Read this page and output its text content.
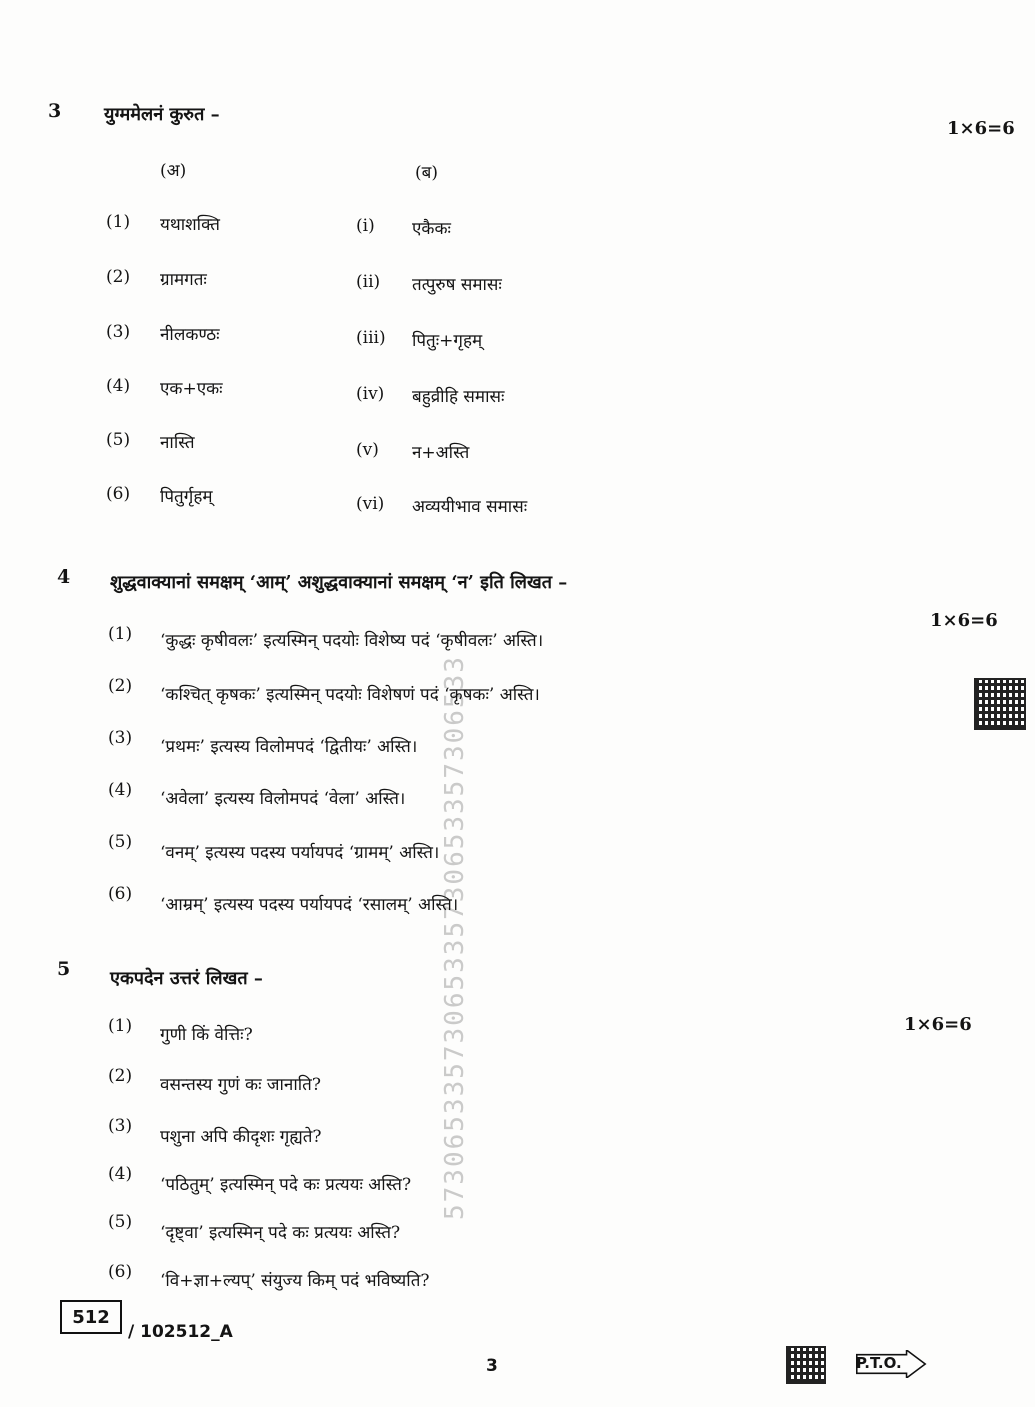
57306533573065335730653357306533
3 युग्ममेलनं कुरुत –
1×6=6
(अ)	(ब)
(1) यथाशक्ति	(i) एकैकः
(2) ग्रामगतः	(ii) तत्पुरुष समासः
(3) नीलकण्ठः	(iii) पितुः+गृहम्
(4) एक+एकः	(iv) बहुव्रीहि समासः
(5) नास्ति	(v) न+अस्ति
(6) पितुर्गृहम्	(vi) अव्ययीभाव समासः
4 शुद्धवाक्यानां समक्षम् ‘आम्’ अशुद्धवाक्यानां समक्षम् ‘न’ इति लिखत –
1×6=6
(1) ‘कुद्धः कृषीवलः’ इत्यस्मिन् पदयोः विशेष्य पदं ‘कृषीवलः’ अस्ति।
(2) ‘कश्चित् कृषकः’ इत्यस्मिन् पदयोः विशेषणं पदं ‘कृषकः’ अस्ति।
(3) ‘प्रथमः’ इत्यस्य विलोमपदं ‘द्वितीयः’ अस्ति।
(4) ‘अवेला’ इत्यस्य विलोमपदं ‘वेला’ अस्ति।
(5)
‘वनम्’ इत्यस्य पदस्य पर्यायपदं ‘ग्रामम्’ अस्ति।
(6)
‘आम्रम्’ इत्यस्य पदस्य पर्यायपदं ‘रसालम्’ अस्ति।
5 एकपदेन उत्तरं लिखत –
1×6=6
(1) गुणी किं वेत्तिः?
(2) वसन्तस्य गुणं कः जानाति?
(3)
पशुना अपि कीदृशः गृह्यते?
(4)
‘पठितुम्’ इत्यस्मिन् पदे कः प्रत्ययः अस्ति?
(5)
‘दृष्ट्वा’ इत्यस्मिन् पदे कः प्रत्ययः अस्ति?
(6) ‘वि+ज्ञा+ल्यप्’ संयुज्य किम् पदं भविष्यति?
512
/ 102512_A
3	P.T.O.
